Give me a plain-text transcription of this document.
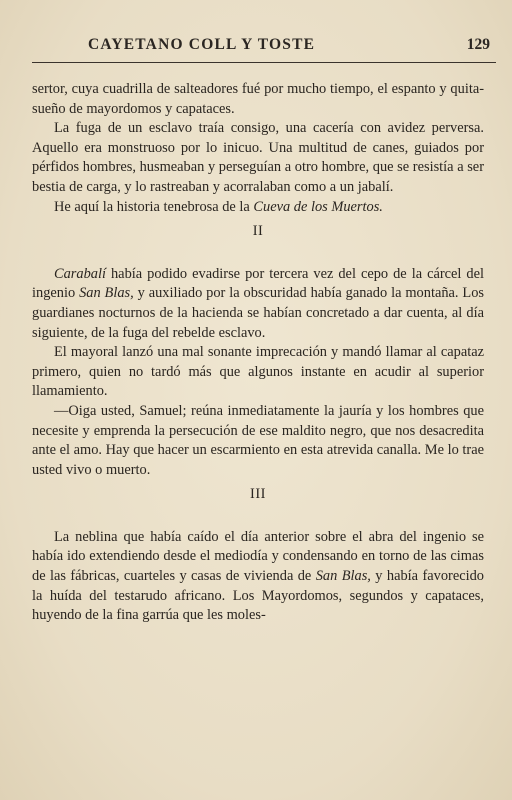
CAYETANO COLL Y TOSTE	129

sertor, cuya cuadrilla de salteadores fué por mucho tiempo, el espanto y quita-sueño de mayordomos y capataces.

La fuga de un esclavo traía consigo, una cacería con avidez perversa. Aquello era monstruoso por lo inicuo. Una multitud de canes, guiados por pérfidos hombres, husmeaban y perseguían a otro hombre, que se resistía a ser bestia de carga, y lo rastreaban y acorralaban como a un jabalí.

He aquí la historia tenebrosa de la Cueva de los Muertos.

II

Carabalí había podido evadirse por tercera vez del cepo de la cárcel del ingenio San Blas, y auxiliado por la obscuridad había ganado la montaña. Los guardianes nocturnos de la hacienda se habían concretado a dar cuenta, al día siguiente, de la fuga del rebelde esclavo.

El mayoral lanzó una mal sonante imprecación y mandó llamar al capataz primero, quien no tardó más que algunos instante en acudir al superior llamamiento.

—Oiga usted, Samuel; reúna inmediatamente la jauría y los hombres que necesite y emprenda la persecución de ese maldito negro, que nos desacredita ante el amo. Hay que hacer un escarmiento en esta atrevida canalla. Me lo trae usted vivo o muerto.

III

La neblina que había caído el día anterior sobre el abra del ingenio se había ido extendiendo desde el mediodía y condensando en torno de las cimas de las fábricas, cuarteles y casas de vivienda de San Blas, y había favorecido la huída del testarudo africano. Los Mayordomos, segundos y capataces, huyendo de la fina garrúa que les moles-
